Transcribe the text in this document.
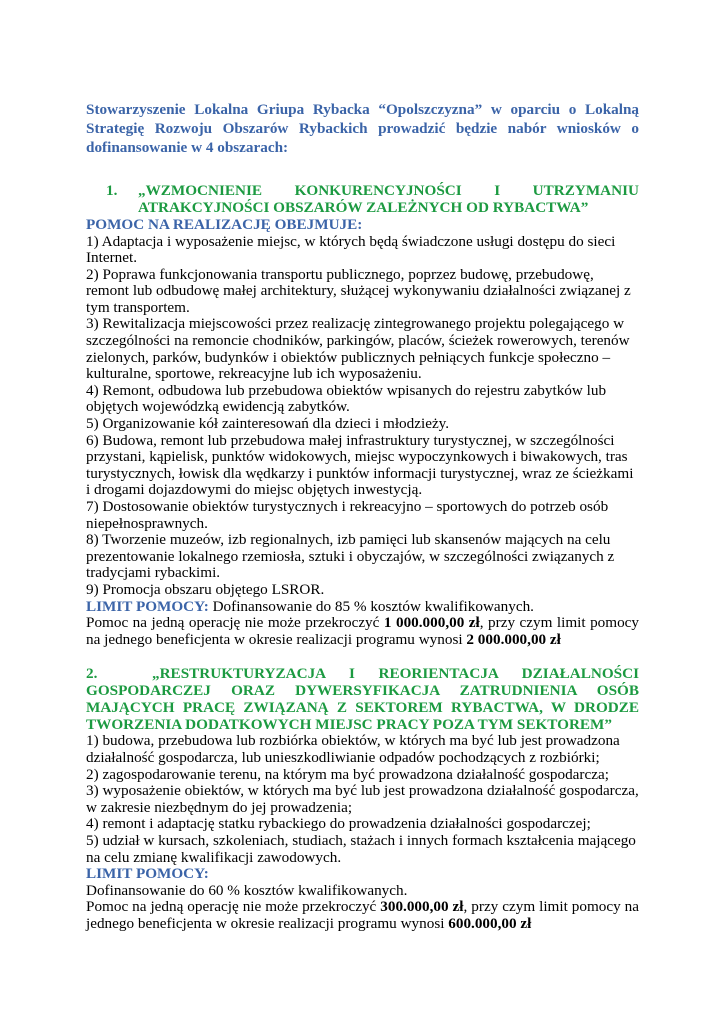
Stowarzyszenie Lokalna Griupa Rybacka “Opolszczyzna” w oparciu o Lokalną Strategię Rozwoju Obszarów Rybackich prowadzić będzie nabór wniosków o dofinansowanie w 4 obszarach:

1.	„WZMOCNIENIE KONKURENCYJNOŚCI I UTRZYMANIU
ATRAKCYJNOŚCI OBSZARÓW ZALEŻNYCH OD RYBACTWA”
POMOC NA REALIZACJĘ OBEJMUJE:

1) Adaptacja i wyposażenie miejsc, w których będą świadczone usługi dostępu do sieci Internet.

2) Poprawa funkcjonowania transportu publicznego, poprzez budowę, przebudowę, remont lub odbudowę małej architektury, służącej wykonywaniu działalności związanej z tym transportem.

3) Rewitalizacja miejscowości przez realizację zintegrowanego projektu polegającego w szczególności na remoncie chodników, parkingów, placów, ścieżek rowerowych, terenów zielonych, parków, budynków i obiektów publicznych pełniących funkcje społeczno – kulturalne, sportowe, rekreacyjne lub ich wyposażeniu.

4) Remont, odbudowa lub przebudowa obiektów wpisanych do rejestru zabytków lub objętych wojewódzką ewidencją zabytków.

5) Organizowanie kół zainteresowań dla dzieci i młodzieży.

6) Budowa, remont lub przebudowa małej infrastruktury turystycznej, w szczególności przystani, kąpielisk, punktów widokowych, miejsc wypoczynkowych i biwakowych, tras turystycznych, łowisk dla wędkarzy i punktów informacji turystycznej, wraz ze ścieżkami i drogami dojazdowymi do miejsc objętych inwestycją.

7) Dostosowanie obiektów turystycznych i rekreacyjno – sportowych do potrzeb osób niepełnosprawnych.

8) Tworzenie muzeów, izb regionalnych, izb pamięci lub skansenów mających na celu prezentowanie lokalnego rzemiosła, sztuki i obyczajów, w szczególności związanych z tradycjami rybackimi.

9) Promocja obszaru objętego LSROR.

LIMIT POMOCY: Dofinansowanie do 85 % kosztów kwalifikowanych.

Pomoc na jedną operację nie może przekroczyć 1 000.000,00 zł, przy czym limit pomocy na jednego beneficjenta w okresie realizacji programu wynosi 2 000.000,00 zł

2.	„RESTRUKTURYZACJA I REORIENTACJA DZIAŁALNOŚCI GOSPODARCZEJ ORAZ DYWERSYFIKACJA ZATRUDNIENIA OSÓB MAJĄCYCH PRACĘ ZWIĄZANĄ Z SEKTOREM RYBACTWA, W DRODZE TWORZENIA DODATKOWYCH MIEJSC PRACY POZA TYM SEKTOREM”

1) budowa, przebudowa lub rozbiórka obiektów, w których ma być lub jest prowadzona działalność gospodarcza, lub unieszkodliwianie odpadów pochodzących z rozbiórki;

2) zagospodarowanie terenu, na którym ma być prowadzona działalność gospodarcza;

3) wyposażenie obiektów, w których ma być lub jest prowadzona działalność gospodarcza, w zakresie niezbędnym do jej prowadzenia;

4) remont i adaptację statku rybackiego do prowadzenia działalności gospodarczej;

5) udział w kursach, szkoleniach, studiach, stażach i innych formach kształcenia mającego na celu zmianę kwalifikacji zawodowych.

LIMIT POMOCY:

Dofinansowanie do 60 % kosztów kwalifikowanych.

Pomoc na jedną operację nie może przekroczyć 300.000,00 zł, przy czym limit pomocy na jednego beneficjenta w okresie realizacji programu wynosi 600.000,00 zł
